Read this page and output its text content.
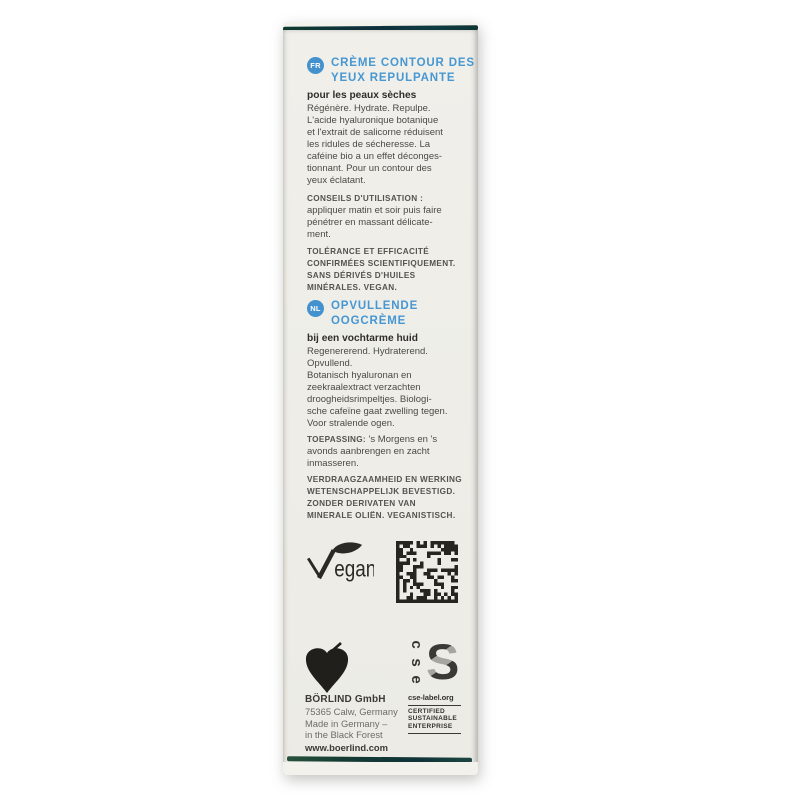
FR CRÈME CONTOUR DES
YEUX REPULPANTE
pour les peaux sèches
Régénère. Hydrate. Repulpe.
L'acide hyaluronique botanique
et l'extrait de salicorne réduisent
les ridules de sécheresse. La
caféine bio a un effet déconges-
tionnant. Pour un contour des
yeux éclatant.
CONSEILS D'UTILISATION :
appliquer matin et soir puis faire
pénétrer en massant délicate-
ment.
TOLÉRANCE ET EFFICACITÉ
CONFIRMÉES SCIENTIFIQUEMENT.
SANS DÉRIVÉS D'HUILES
MINÉRALES. VEGAN.
NL OPVULLENDE
OOGCRÈME
bij een vochtarme huid
Regenererend. Hydraterend.
Opvullend.
Botanisch hyaluronan en
zeekraalextract verzachten
droogheidsrimpeltjes. Biologi-
sche cafeïne gaat zwelling tegen.
Voor stralende ogen.
TOEPASSING: 's Morgens en 's
avonds aanbrengen en zacht
inmasseren.
VERDRAAGZAAMHEID EN WERKING
WETENSCHAPPELIJK BEVESTIGD.
ZONDER DERIVATEN VAN
MINERALE OLIËN. VEGANISTISCH.
egan
BÖRLIND GmbH
75365 Calw, Germany
Made in Germany –
in the Black Forest
www.boerlind.com
c
s
e S
cse-label.org
CERTIFIED
SUSTAINABLE
ENTERPRISE
